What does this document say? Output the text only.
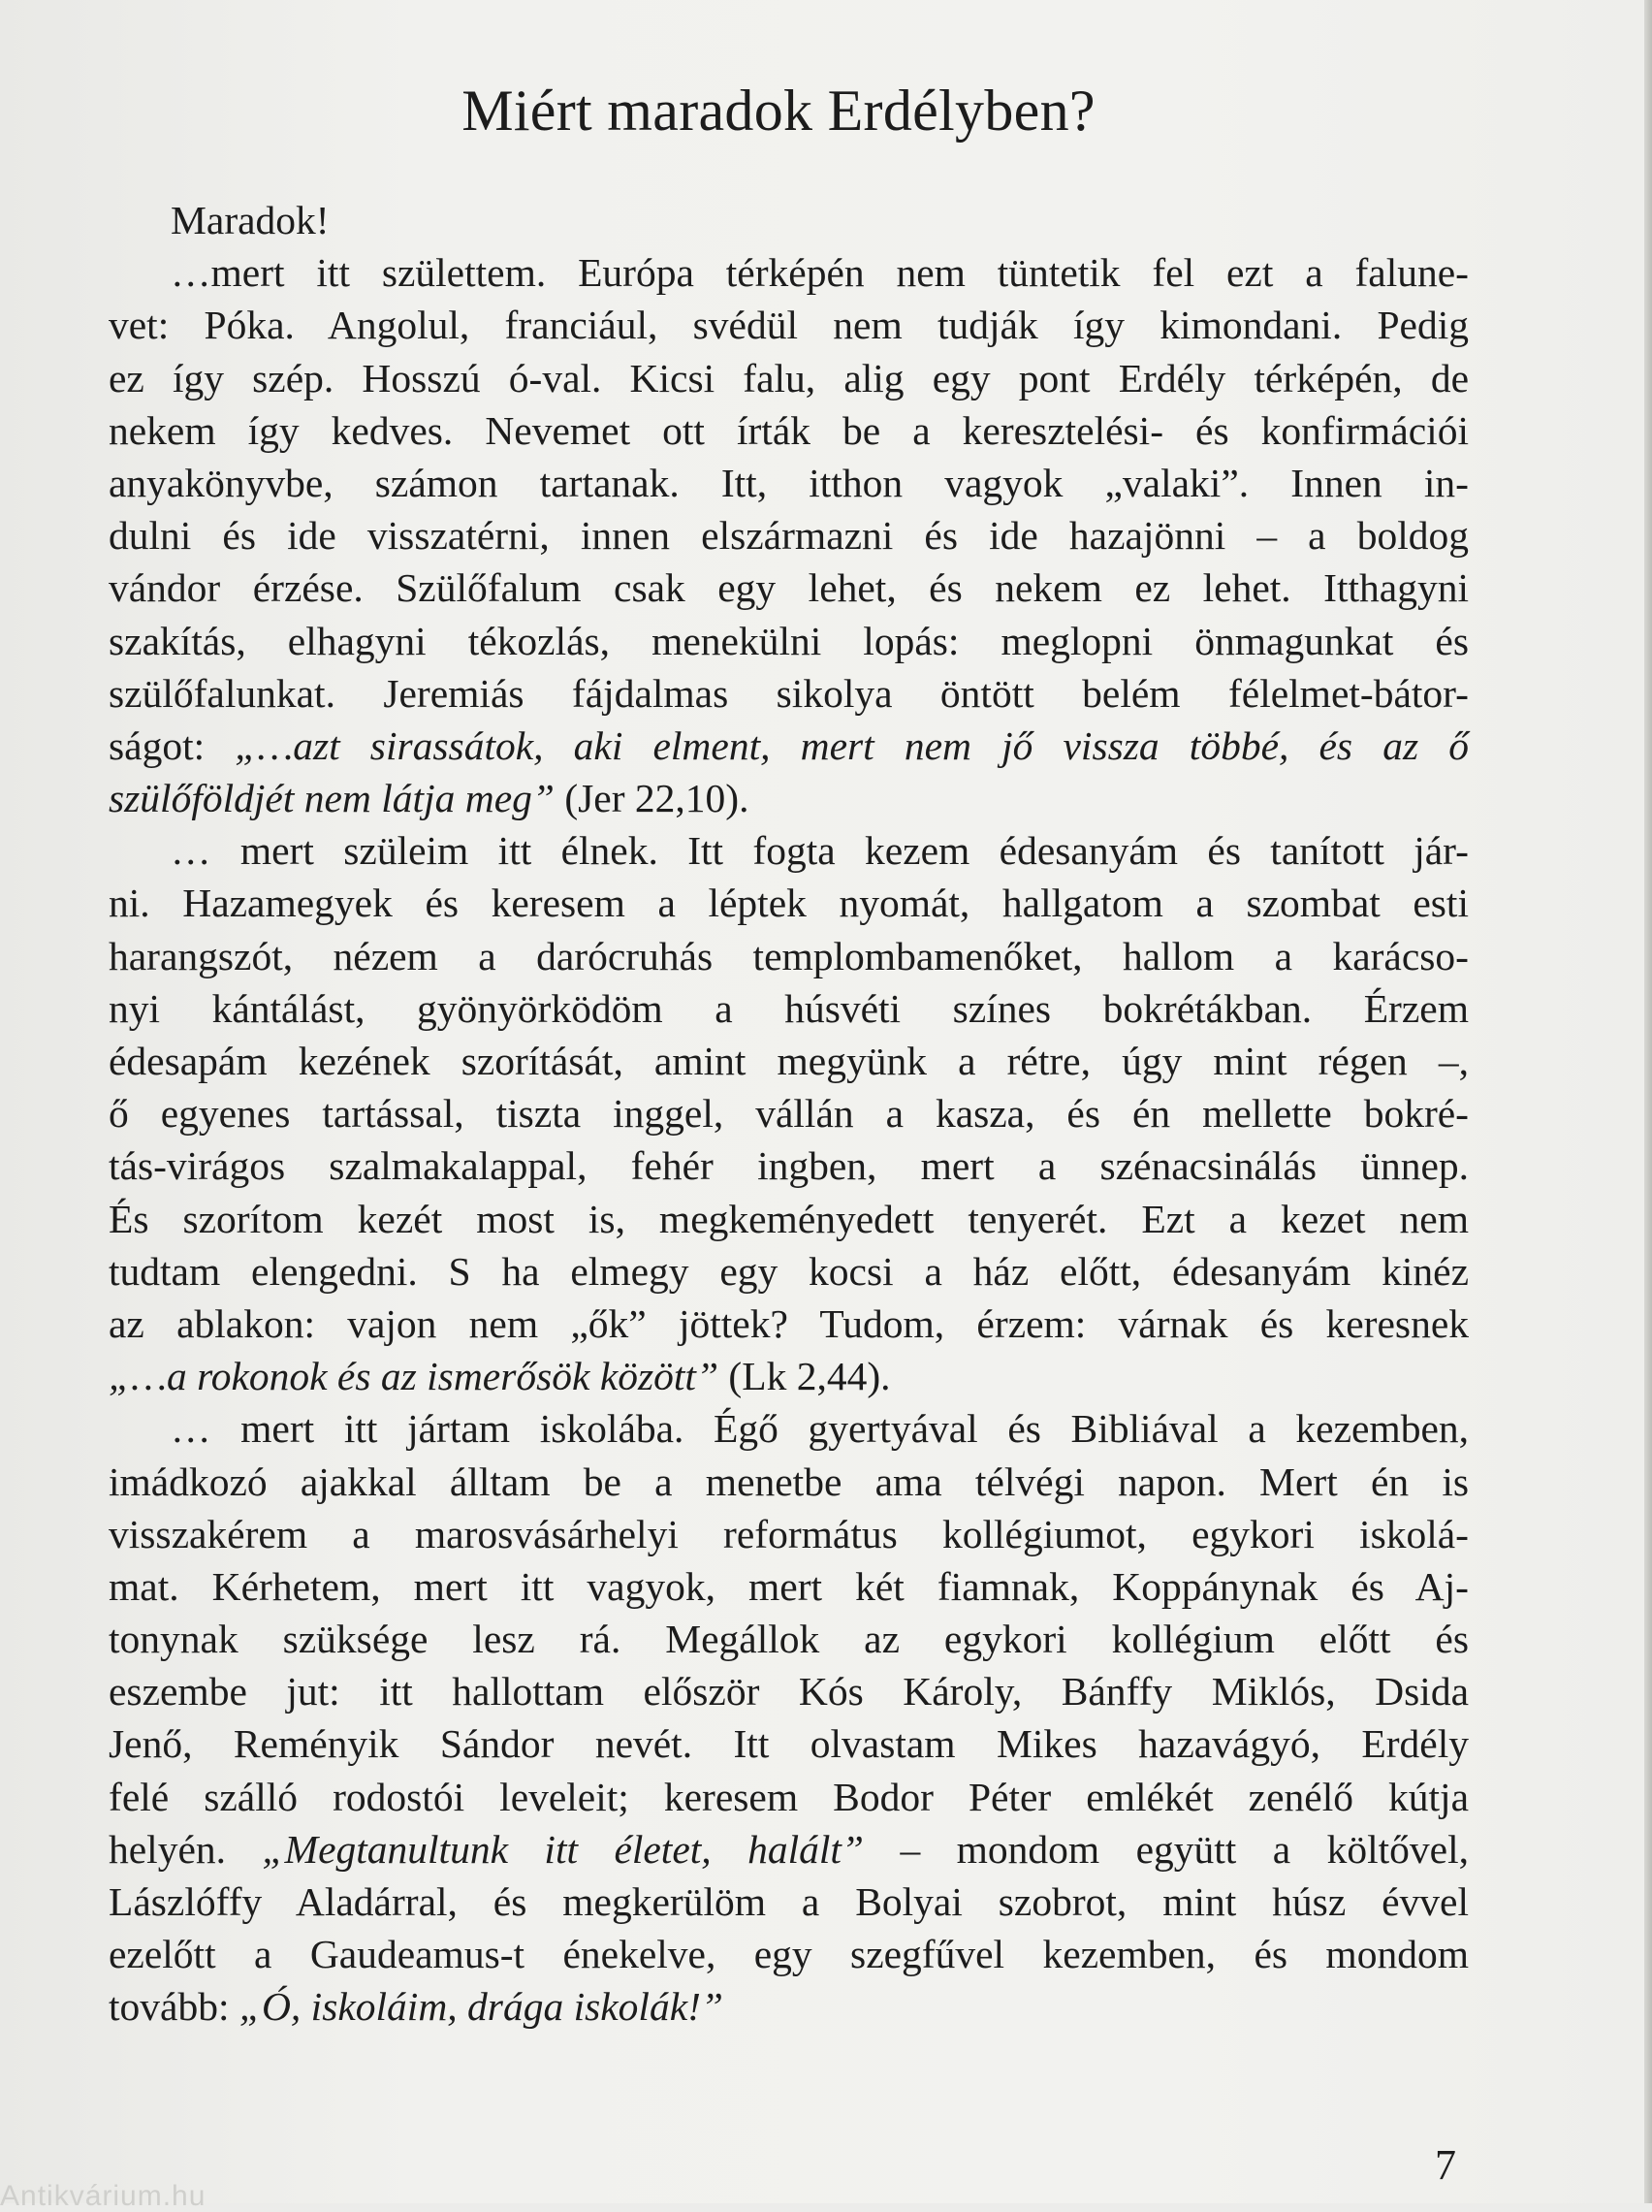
Miért maradok Erdélyben?
Maradok!
…mert itt születtem. Európa térképén nem tüntetik fel ezt a falune-
vet: Póka. Angolul, franciául, svédül nem tudják így kimondani. Pedig
ez így szép. Hosszú ó-val. Kicsi falu, alig egy pont Erdély térképén, de
nekem így kedves. Nevemet ott írták be a keresztelési- és konfirmációi
anyakönyvbe, számon tartanak. Itt, itthon vagyok „valaki”. Innen in-
dulni és ide visszatérni, innen elszármazni és ide hazajönni – a boldog
vándor érzése. Szülőfalum csak egy lehet, és nekem ez lehet. Itthagyni
szakítás, elhagyni tékozlás, menekülni lopás: meglopni önmagunkat és
szülőfalunkat. Jeremiás fájdalmas sikolya öntött belém félelmet-bátor-
ságot: „…azt sirassátok, aki elment, mert nem jő vissza többé, és az ő
szülőföldjét nem látja meg” (Jer 22,10).
… mert szüleim itt élnek. Itt fogta kezem édesanyám és tanított jár-
ni. Hazamegyek és keresem a léptek nyomát, hallgatom a szombat esti
harangszót, nézem a darócruhás templombamenőket, hallom a karácso-
nyi kántálást, gyönyörködöm a húsvéti színes bokrétákban. Érzem
édesapám kezének szorítását, amint megyünk a rétre, úgy mint régen –,
ő egyenes tartással, tiszta inggel, vállán a kasza, és én mellette bokré-
tás-virágos szalmakalappal, fehér ingben, mert a szénacsinálás ünnep.
És szorítom kezét most is, megkeményedett tenyerét. Ezt a kezet nem
tudtam elengedni. S ha elmegy egy kocsi a ház előtt, édesanyám kinéz
az ablakon: vajon nem „ők” jöttek? Tudom, érzem: várnak és keresnek
„…a rokonok és az ismerősök között” (Lk 2,44).
… mert itt jártam iskolába. Égő gyertyával és Bibliával a kezemben,
imádkozó ajakkal álltam be a menetbe ama télvégi napon. Mert én is
visszakérem a marosvásárhelyi református kollégiumot, egykori iskolá-
mat. Kérhetem, mert itt vagyok, mert két fiamnak, Koppánynak és Aj-
tonynak szüksége lesz rá. Megállok az egykori kollégium előtt és
eszembe jut: itt hallottam először Kós Károly, Bánffy Miklós, Dsida
Jenő, Reményik Sándor nevét. Itt olvastam Mikes hazavágyó, Erdély
felé szálló rodostói leveleit; keresem Bodor Péter emlékét zenélő kútja
helyén. „Megtanultunk itt életet, halált” – mondom együtt a költővel,
Lászlóffy Aladárral, és megkerülöm a Bolyai szobrot, mint húsz évvel
ezelőtt a Gaudeamus-t énekelve, egy szegfűvel kezemben, és mondom
tovább: „Ó, iskoláim, drága iskolák!”
7
Antikvárium.hu
